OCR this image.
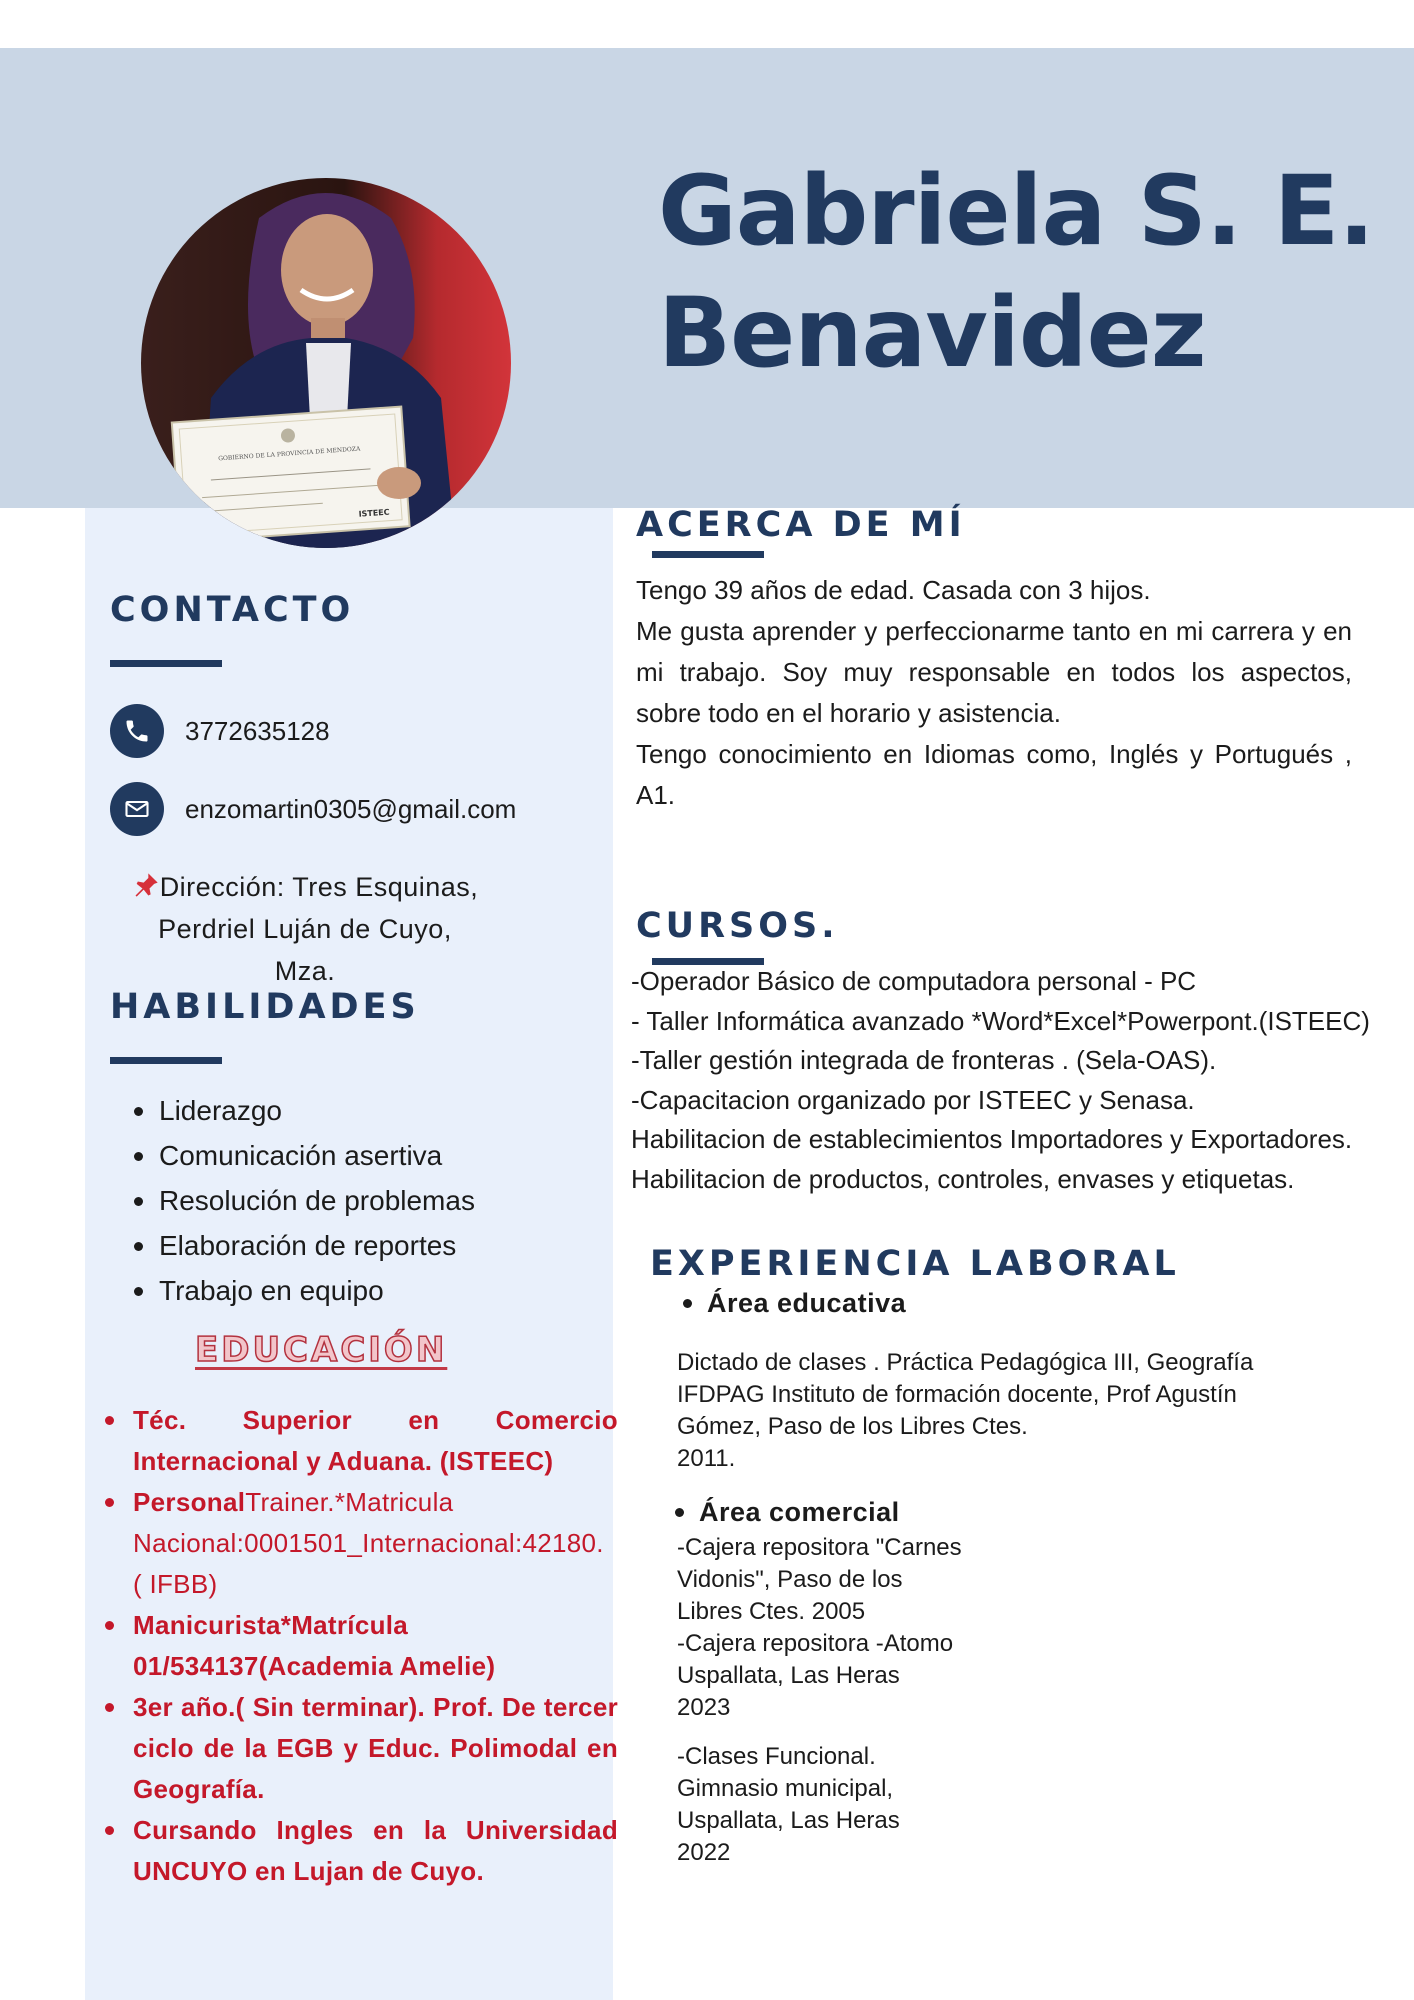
GOBIERNO DE LA PROVINCIA DE MENDOZA
ISTEEC
Gabriela S. E.
Benavidez
CONTACTO
3772635128
enzomartin0305@gmail.com
Dirección: Tres Esquinas,
Perdriel Luján de Cuyo,
Mza.
HABILIDADES
Liderazgo
Comunicación asertiva
Resolución de problemas
Elaboración de reportes
Trabajo en equipo
EDUCACIÓN
Téc. Superior en Comercio Internacional y Aduana. (ISTEEC)
PersonalTrainer.*Matricula Nacional:0001501_Internacional:42180. ( IFBB)
Manicurista*Matrícula 01/534137(Academia Amelie)
3er año.( Sin terminar). Prof. De tercer ciclo de la EGB y Educ. Polimodal en Geografía.
Cursando Ingles en la Universidad UNCUYO en Lujan de Cuyo.
ACERCA DE MÍ

Tengo 39 años de edad. Casada con 3 hijos.

Me gusta aprender y perfeccionarme tanto en mi carrera y en mi trabajo. Soy muy responsable en todos los aspectos, sobre todo en el horario y asistencia.

Tengo conocimiento en Idiomas como, Inglés y Portugués , A1.

CURSOS.
-Operador Básico de computadora personal - PC
- Taller Informática avanzado *Word*Excel*Powerpont.(ISTEEC)
-Taller gestión integrada de fronteras . (Sela-OAS).
-Capacitacion organizado por ISTEEC y Senasa.
Habilitacion de establecimientos Importadores y Exportadores.
Habilitacion de productos, controles, envases y etiquetas.
EXPERIENCIA LABORAL
Área educativa
Dictado de clases . Práctica Pedagógica III, Geografía
IFDPAG Instituto de formación docente, Prof Agustín
Gómez, Paso de los Libres Ctes.
2011.
Área comercial
-Cajera repositora "Carnes
Vidonis", Paso de los
Libres Ctes. 2005
-Cajera repositora -Atomo
Uspallata, Las Heras
2023
-Clases Funcional.
Gimnasio municipal,
Uspallata, Las Heras
2022
